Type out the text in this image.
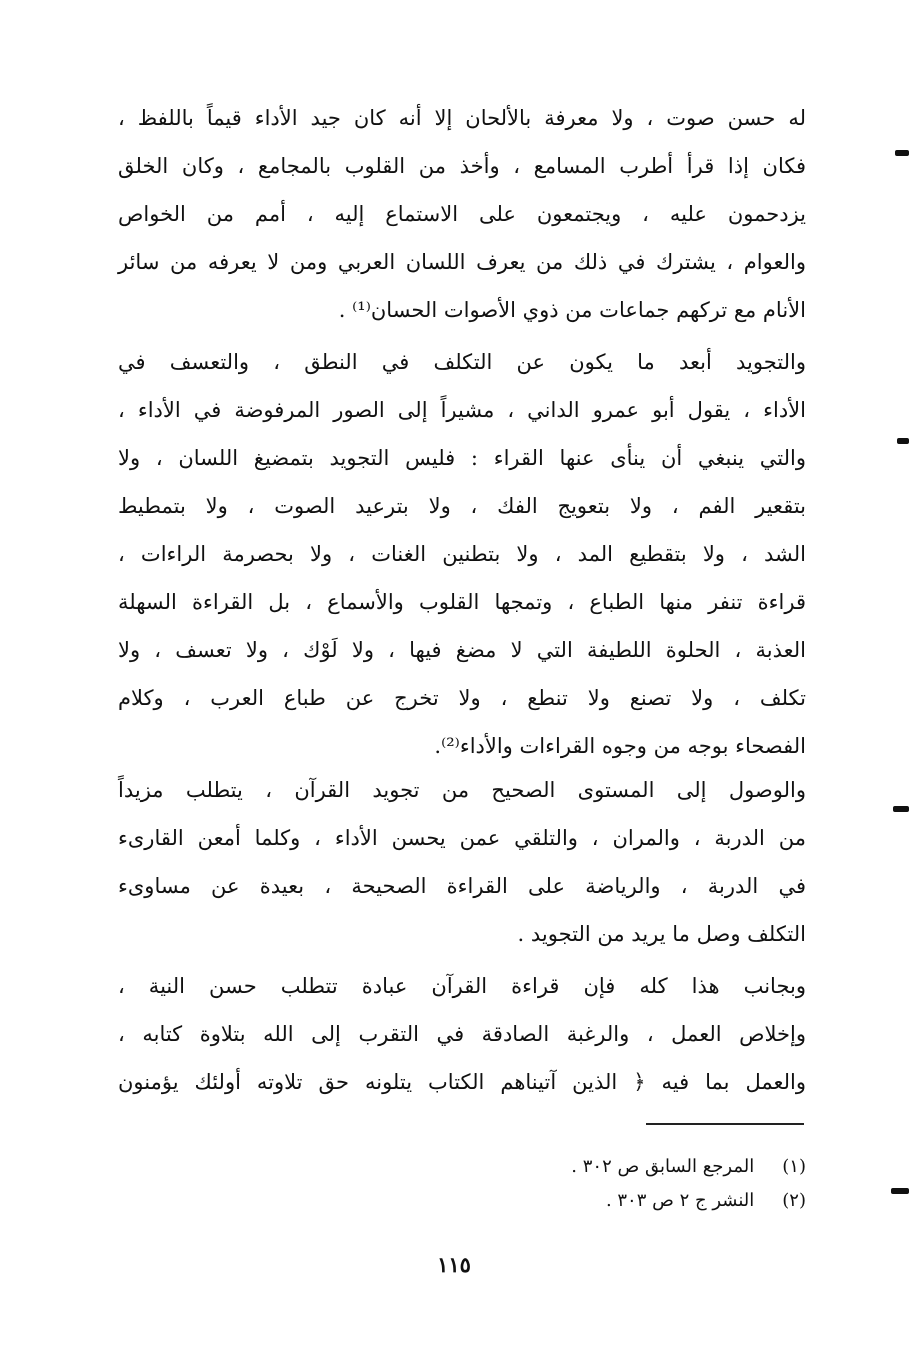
له حسن صوت ، ولا معرفة بالألحان إلا أنه كان جيد الأداء قيماً باللفظ ،
فكان إذا قرأ أطرب المسامع ، وأخذ من القلوب بالمجامع ، وكان الخلق
يزدحمون عليه ، ويجتمعون على الاستماع إليه ، أمم من الخواص
والعوام ، يشترك في ذلك من يعرف اللسان العربي ومن لا يعرفه من سائر
الأنام مع تركهم جماعات من ذوي الأصوات الحسان⁽¹⁾ .
والتجويد أبعد ما يكون عن التكلف في النطق ، والتعسف في
الأداء ، يقول أبو عمرو الداني ، مشيراً إلى الصور المرفوضة في الأداء ،
والتي ينبغي أن ينأى عنها القراء : فليس التجويد بتمضيغ اللسان ، ولا
بتقعير الفم ، ولا بتعويج الفك ، ولا بترعيد الصوت ، ولا بتمطيط
الشد ، ولا بتقطيع المد ، ولا بتطنين الغنات ، ولا بحصرمة الراءات ،
قراءة تنفر منها الطباع ، وتمجها القلوب والأسماع ، بل القراءة السهلة
العذبة ، الحلوة اللطيفة التي لا مضغ فيها ، ولا لَوْك ، ولا تعسف ، ولا
تكلف ، ولا تصنع ولا تنطع ، ولا تخرج عن طباع العرب ، وكلام
الفصحاء بوجه من وجوه القراءات والأداء⁽²⁾.
والوصول إلى المستوى الصحيح من تجويد القرآن ، يتطلب مزيداً
من الدربة ، والمران ، والتلقي عمن يحسن الأداء ، وكلما أمعن القارىء
في الدربة ، والرياضة على القراءة الصحيحة ، بعيدة عن مساوىء
التكلف وصل ما يريد من التجويد .
وبجانب هذا كله فإن قراءة القرآن عبادة تتطلب حسن النية ،
وإخلاص العمل ، والرغبة الصادقة في التقرب إلى الله بتلاوة كتابه ،
والعمل بما فيه ﴿ الذين آتيناهم الكتاب يتلونه حق تلاوته أولئك يؤمنون
(١) المرجع السابق ص ٣٠٢ .
(٢) النشر ج ٢ ص ٣٠٣ .
١١٥
